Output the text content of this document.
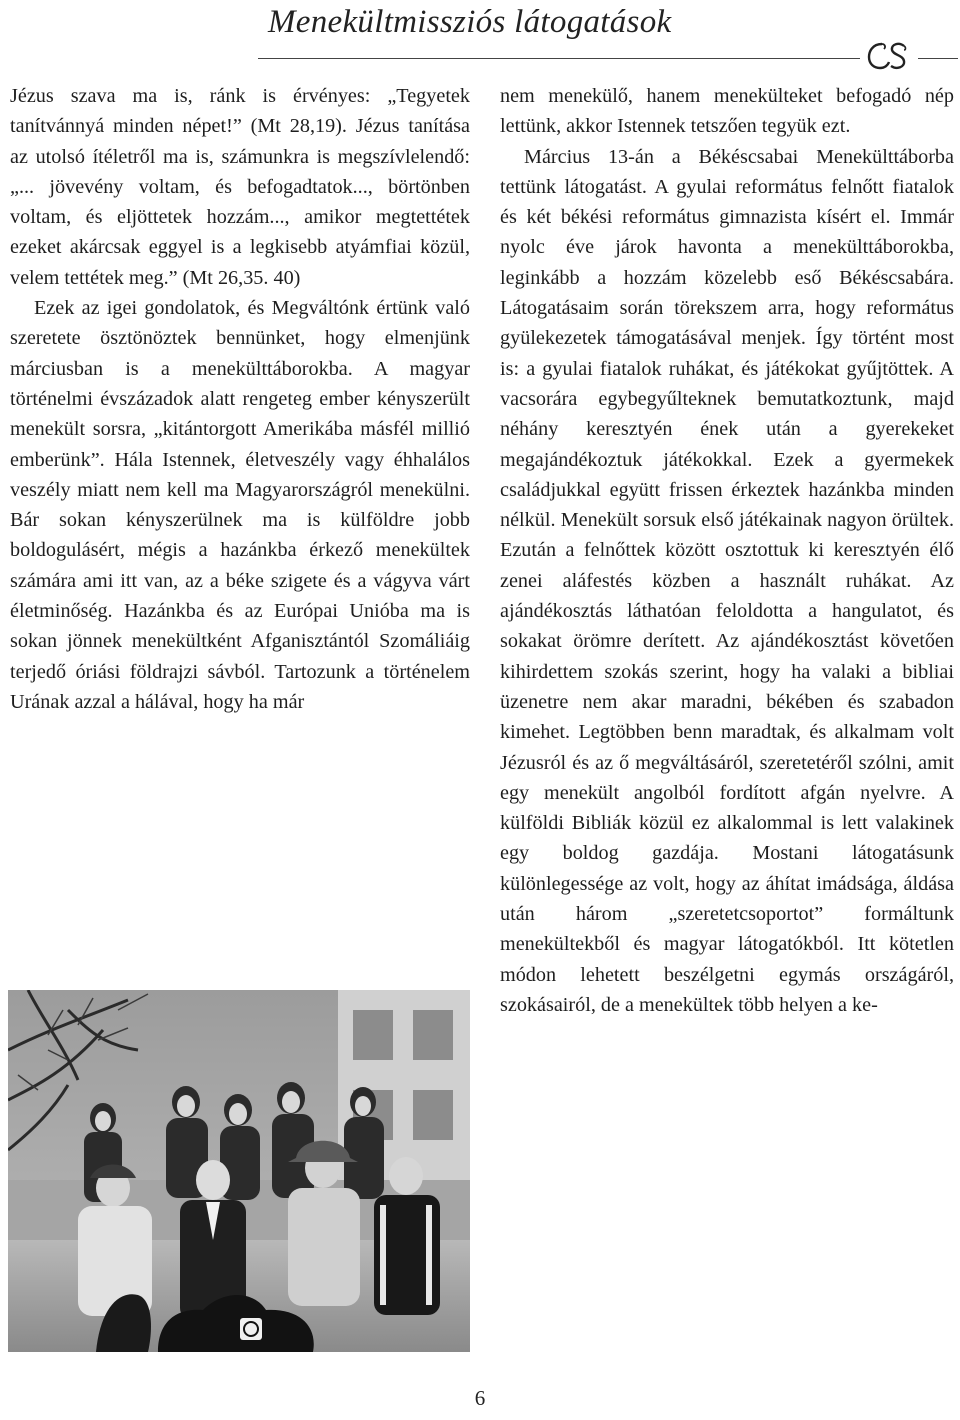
Menekültmissziós látogatások

Jézus szava ma is, ránk is érvényes: „Tegyetek tanítvánnyá minden népet!” (Mt 28,19). Jézus tanítása az utolsó ítéletről ma is, számunkra is megszívlelendő: „... jövevény voltam, és befogadtatok..., börtönben voltam, és eljöttetek hozzám..., amikor megtettétek ezeket akárcsak eggyel is a legkisebb atyámfiai közül, velem tettétek meg.” (Mt 26,35. 40)

Ezek az igei gondolatok, és Megváltónk értünk való szeretete ösztönöztek bennünket, hogy elmenjünk márciusban is a menekülttáborokba. A magyar történelmi évszázadok alatt rengeteg ember kényszerült menekült sorsra, „kitántorgott Amerikába másfél millió emberünk”. Hála Istennek, életveszély vagy éhhalálos veszély miatt nem kell ma Magyarországról menekülni. Bár sokan kényszerülnek ma is külföldre jobb boldogulásért, mégis a hazánkba érkező menekültek számára ami itt van, az a béke szigete és a vágyva várt életminőség. Hazánkba és az Európai Unióba ma is sokan jönnek menekültként Afganisztántól Szomáliáig terjedő óriási földrajzi sávból. Tartozunk a történelem Urának azzal a hálával, hogy ha már

nem menekülő, hanem menekülteket befogadó nép lettünk, akkor Istennek tetszően tegyük ezt.

Március 13-án a Békéscsabai Menekülttáborba tettünk látogatást. A gyulai református felnőtt fiatalok és két békési református gimnazista kísért el. Immár nyolc éve járok havonta a menekülttáborokba, leginkább a hozzám közelebb eső Békéscsabára. Látogatásaim során törekszem arra, hogy református gyülekezetek támogatásával menjek. Így történt most is: a gyulai fiatalok ruhákat, és játékokat gyűjtöttek. A vacsorára egybegyűlteknek bemutatkoztunk, majd néhány keresztyén ének után a gyerekeket megajándékoztuk játékokkal. Ezek a gyermekek családjukkal együtt frissen érkeztek hazánkba minden nélkül. Menekült sorsuk első játékainak nagyon örültek. Ezután a felnőttek között osztottuk ki keresztyén élő zenei aláfestés közben a használt ruhákat. Az ajándékosztás láthatóan feloldotta a hangulatot, és sokakat örömre derített. Az ajándékosztást követően kihirdettem szokás szerint, hogy ha valaki a bibliai üzenetre nem akar maradni, békében és szabadon kimehet. Legtöbben benn maradtak, és alkalmam volt Jézusról és az ő megváltásáról, szeretetéről szólni, amit egy menekült angolból fordított afgán nyelvre. A külföldi Bibliák közül ez alkalommal is lett valakinek egy boldog gazdája. Mostani látogatásunk különlegessége az volt, hogy az áhítat imádsága, áldása után három „szeretetcsoportot” formáltunk menekültekből és magyar látogatókból. Itt kötetlen módon lehetett beszélgetni egymás országáról, szokásairól, de a menekültek több helyen a ke-

6
